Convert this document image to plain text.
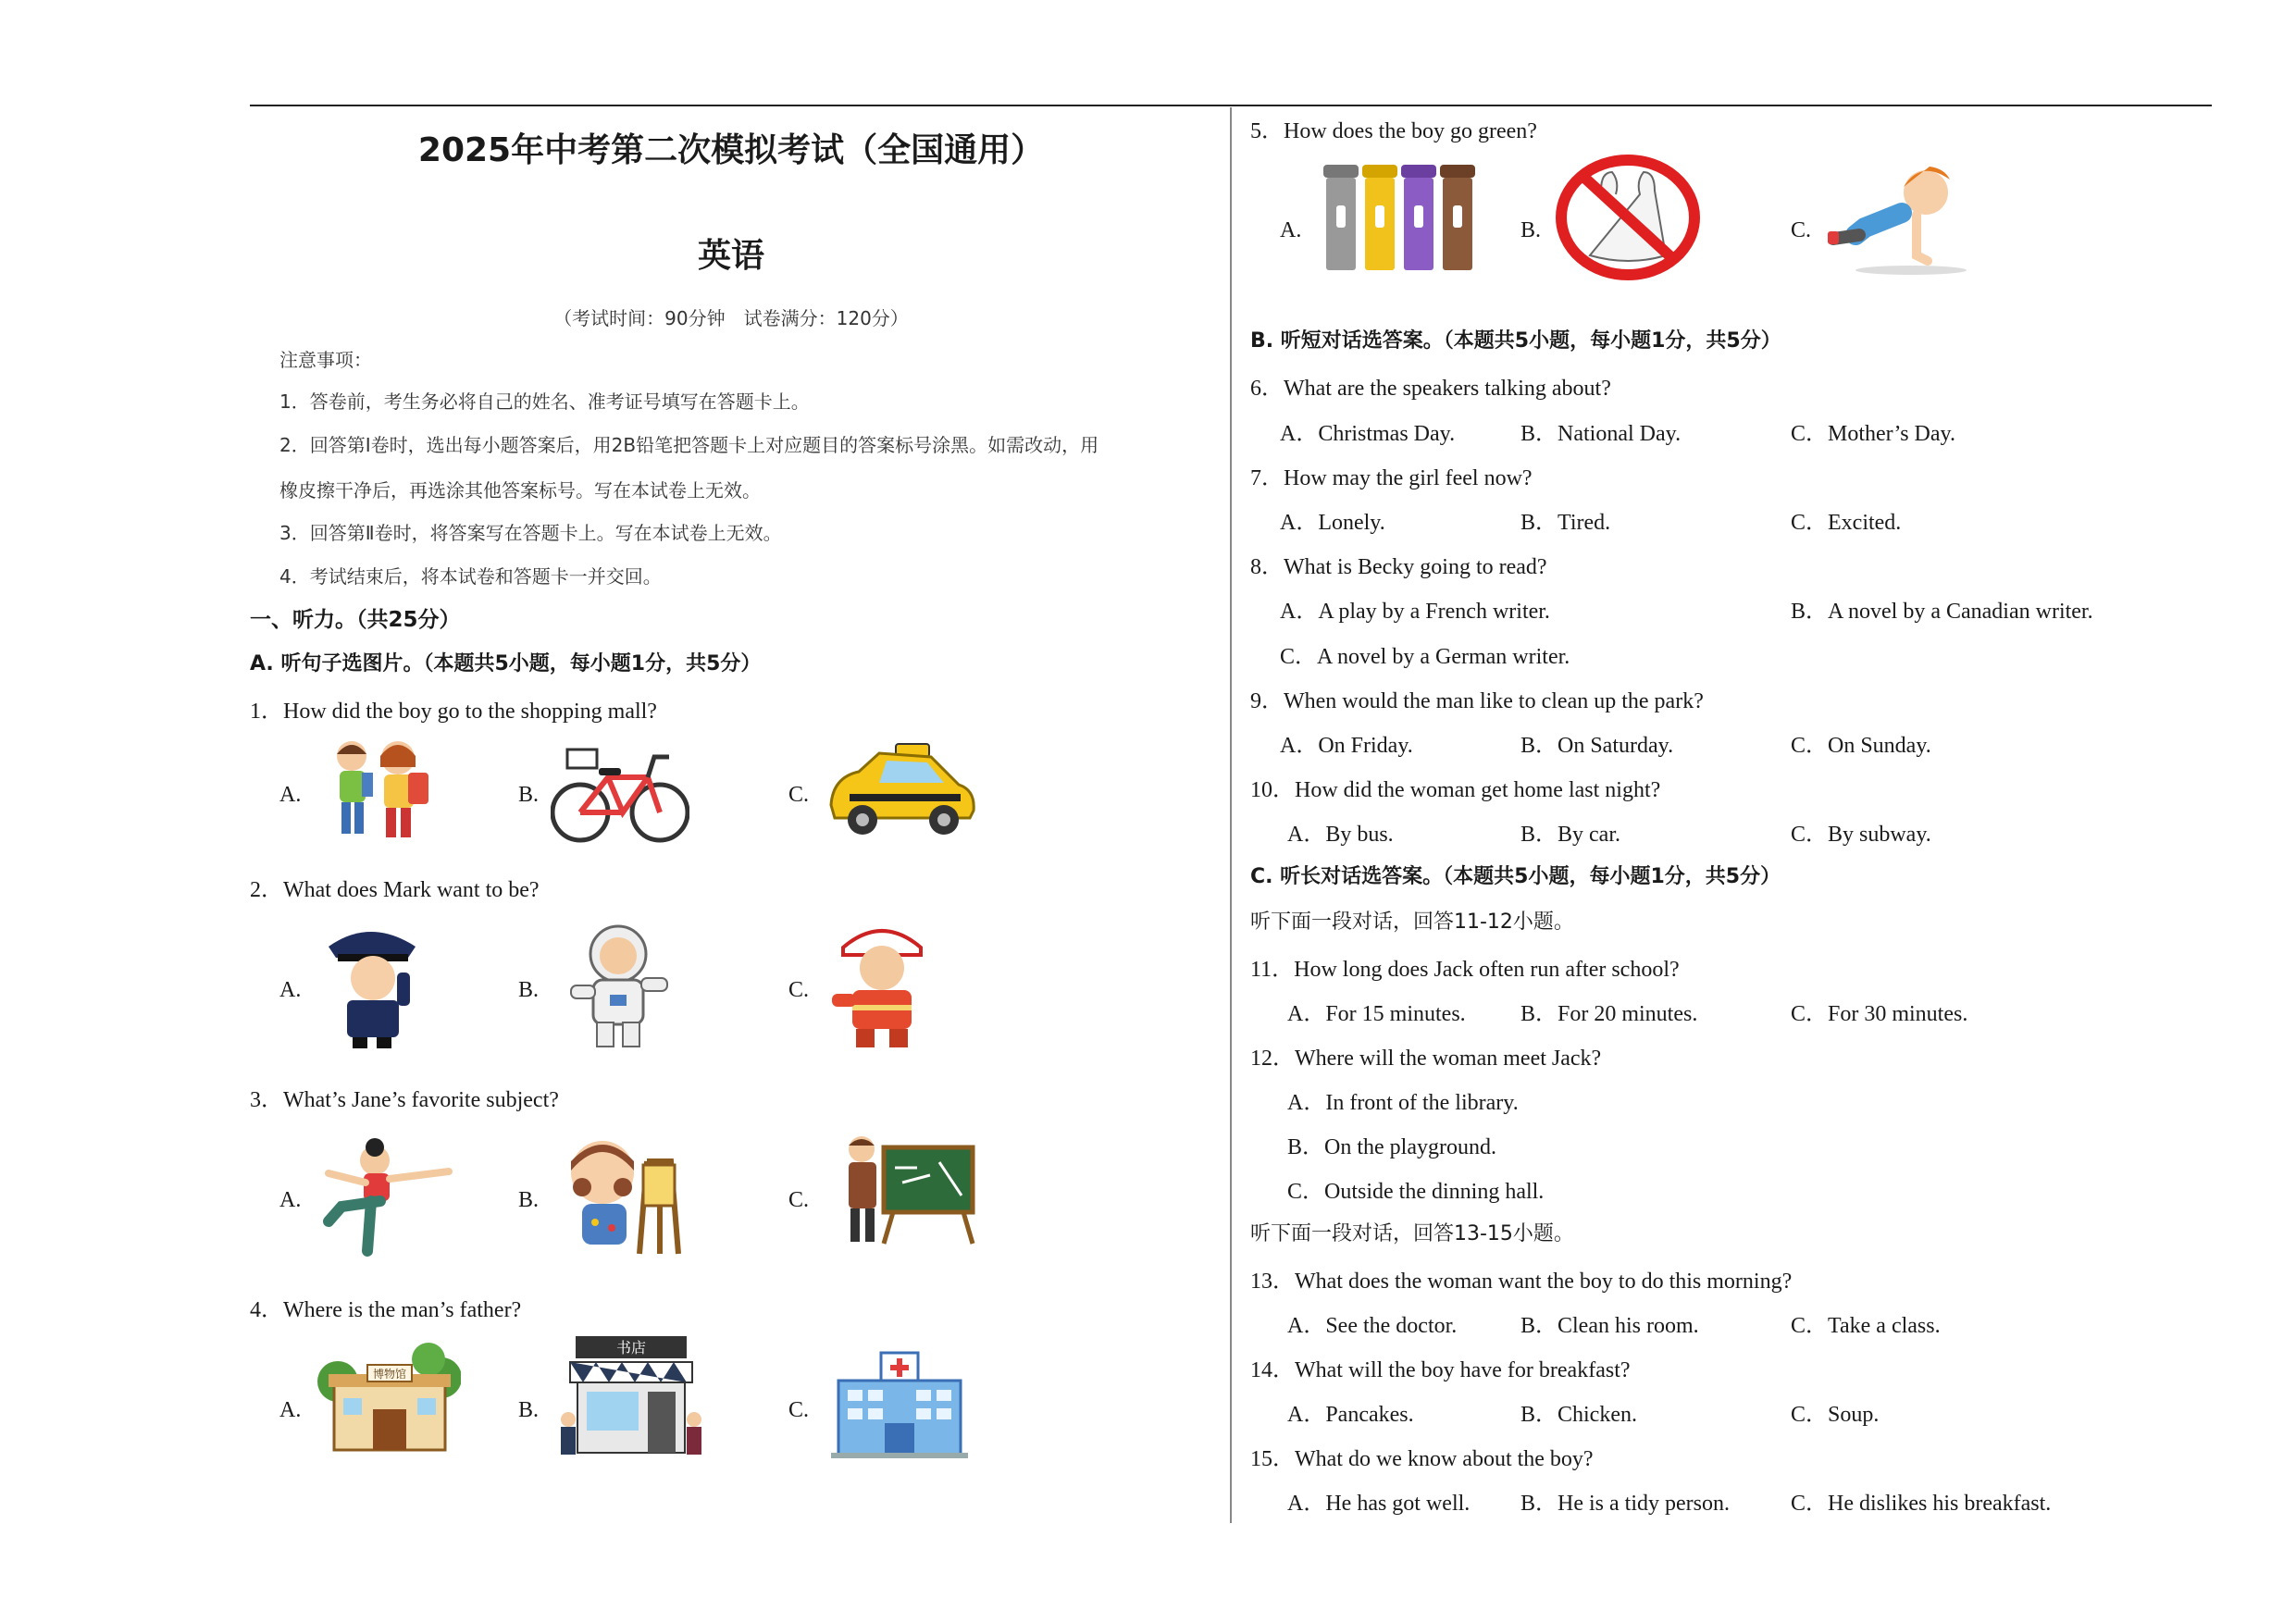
2025年中考第二次模拟考试（全国通用）
英语
（考试时间：90分钟　试卷满分：120分）
注意事项：
1．答卷前，考生务必将自己的姓名、准考证号填写在答题卡上。
2．回答第Ⅰ卷时，选出每小题答案后，用2B铅笔把答题卡上对应题目的答案标号涂黑。如需改动，用
橡皮擦干净后，再选涂其他答案标号。写在本试卷上无效。
3．回答第Ⅱ卷时，将答案写在答题卡上。写在本试卷上无效。
4．考试结束后，将本试卷和答题卡一并交回。
一、听力。（共25分）
A. 听句子选图片。（本题共5小题，每小题1分，共5分）
1．How did the boy go to the shopping mall?
A.	B.	C.
2．What does Mark want to be?
A.	B.	C.
3．What’s Jane’s favorite subject?
A.	B.	C.
4．Where is the man’s father?
A.	B.	C.
博物馆
书店
5．How does the boy go green?
A.	B.	C.
B. 听短对话选答案。（本题共5小题，每小题1分，共5分）
6．What are the speakers talking about?
A．Christmas Day.	B．National Day.	C．Mother’s Day.
7．How may the girl feel now?
A．Lonely.	B．Tired.	C．Excited.
8．What is Becky going to read?
A．A play by a French writer.	B．A novel by a Canadian writer.
C．A novel by a German writer.
9．When would the man like to clean up the park?
A．On Friday.	B．On Saturday.	C．On Sunday.
10．How did the woman get home last night?
A．By bus.	B．By car.	C．By subway.
C. 听长对话选答案。（本题共5小题，每小题1分，共5分）
听下面一段对话，回答11-12小题。
11．How long does Jack often run after school?
A．For 15 minutes. B．For 20 minutes.	C．For 30 minutes.
12．Where will the woman meet Jack?
A．In front of the library.
B．On the playground.
C．Outside the dinning hall.
听下面一段对话，回答13-15小题。
13．What does the woman want the boy to do this morning?
A．See the doctor.	B．Clean his room.	C．Take a class.
14．What will the boy have for breakfast?
A．Pancakes.	B．Chicken.	C．Soup.
15．What do we know about the boy?
A．He has got well. B．He is a tidy person.	C．He dislikes his breakfast.
